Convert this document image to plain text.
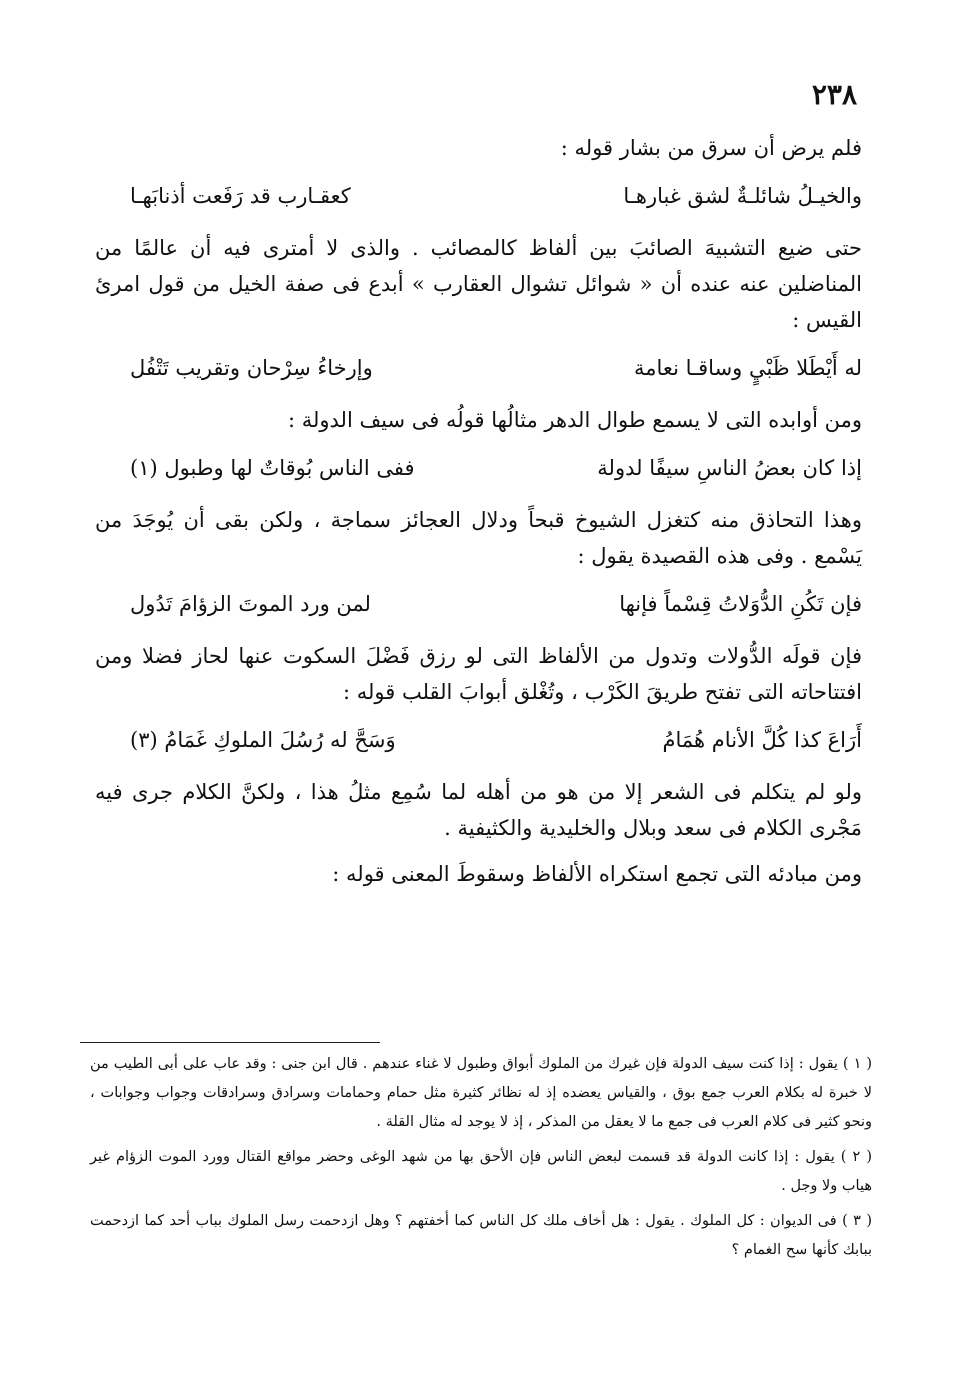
٢٣٨

فلم يرض أن سرق من بشار قوله :

والخيـلُ شائلـةٌ لشق غبارهـا
كعقـارب قد رَفَعت أذنابَهـا

حتى ضيع التشبيهَ الصائبَ بين ألفاظ كالمصائب . والذى لا أمترى فيه أن عالمًا من المناضلين عنه عنده أن « شوائل تشوال العقارب » أبدع فى صفة الخيل من قول امرئ القيس :

له أَيْطَلا ظَبْيٍ وساقـا نعامة
وإرخاءُ سِرْحان وتقريب تَتْفُل

ومن أوابده التى لا يسمع طوال الدهر مثالُها قولُه فى سيف الدولة :

إذا كان بعضُ الناسِ سيفًا لدولة
ففى الناس بُوقاتٌ لها وطبول (١)

وهذا التحاذق منه كتغزل الشيوخ قبحاً ودلال العجائز سماجة ، ولكن بقى أن يُوجَدَ من يَسْمع . وفى هذه القصيدة يقول :

فإن تَكُنِ الدُّوَلاتُ قِسْماً فإنها
لمن ورد الموتَ الزؤامَ تَدُول

فإن قولَه الدُّولات وتدول من الألفاظ التى لو رزق فَضْلَ السكوت عنها لحاز فضلا ومن افتتاحاته التى تفتح طريقَ الكَرْب ، وتُغْلق أبوابَ القلب قوله :

أَرَاعَ كذا كُلَّ الأنام هُمَامُ
وَسَحَّ له رُسُلَ الملوكِ غَمَامُ (٣)

ولو لم يتكلم فى الشعر إلا من هو من أهله لما سُمِع مثلُ هذا ، ولكنَّ الكلام جرى فيه مَجْرى الكلام فى سعد وبلال والخليدية والكثيفية .

ومن مبادئه التى تجمع استكراه الألفاظ وسقوطَ المعنى قوله :

( ١ ) يقول : إذا كنت سيف الدولة فإن غيرك من الملوك أبواق وطبول لا غناء عندهم . قال ابن جنى : وقد عاب على أبى الطيب من لا خبرة له بكلام العرب جمع بوق ، والقياس يعضده إذ له نظائر كثيرة مثل حمام وحمامات وسرادق وسرادقات وجواب وجوابات ، ونحو كثير فى كلام العرب فى جمع ما لا يعقل من المذكر ، إذ لا يوجد له مثال القلة .

( ٢ ) يقول : إذا كانت الدولة قد قسمت لبعض الناس فإن الأحق بها من شهد الوغى وحضر مواقع القتال وورد الموت الزؤام غير هياب ولا وجل .

( ٣ ) فى الديوان : كل الملوك . يقول : هل أخاف ملك كل الناس كما أخفتهم ؟ وهل ازدحمت رسل الملوك بباب أحد كما ازدحمت ببابك كأنها سح الغمام ؟
